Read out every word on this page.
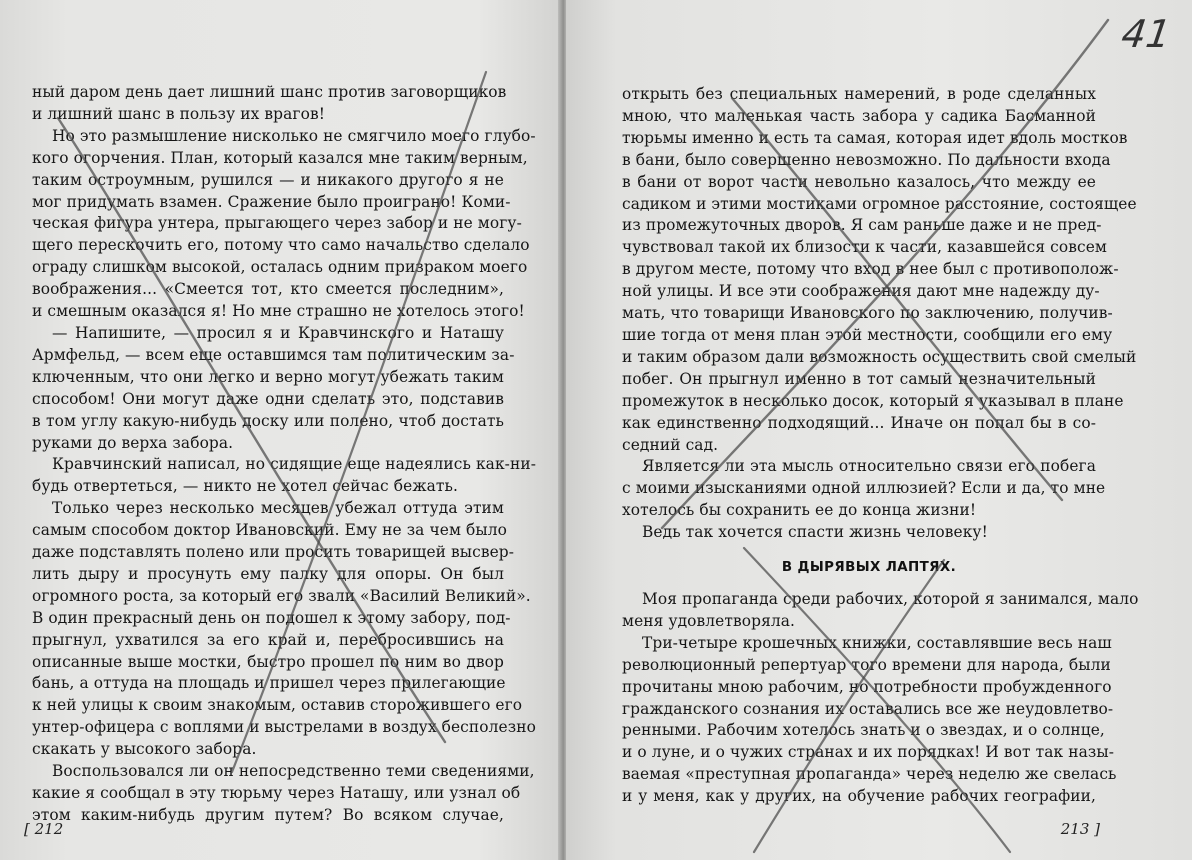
ный даром день дает лишний шанс против заговорщиков
и лишний шанс в пользу их врагов!
Но это размышление нисколько не смягчило моего глубо-
кого огорчения. План, который казался мне таким верным,
таким остроумным, рушился — и никакого другого я не
мог придумать взамен. Сражение было проиграно! Коми-
ческая фигура унтера, прыгающего через забор и не могу-
щего перескочить его, потому что само начальство сделало
ограду слишком высокой, осталась одним призраком моего
воображения... «Смеется тот, кто смеется последним»,
и смешным оказался я! Но мне страшно не хотелось этого!
— Напишите, — просил я и Кравчинского и Наташу
Армфельд, — всем еще оставшимся там политическим за-
ключенным, что они легко и верно могут убежать таким
способом! Они могут даже одни сделать это, подставив
в том углу какую-нибудь доску или полено, чтоб достать
руками до верха забора.
Кравчинский написал, но сидящие еще надеялись как-ни-
будь отвертеться, — никто не хотел сейчас бежать.
Только через несколько месяцев убежал оттуда этим
самым способом доктор Ивановский. Ему не за чем было
даже подставлять полено или просить товарищей высвер-
лить дыру и просунуть ему палку для опоры. Он был
огромного роста, за который его звали «Василий Великий».
В один прекрасный день он подошел к этому забору, под-
прыгнул, ухватился за его край и, перебросившись на
описанные выше мостки, быстро прошел по ним во двор
бань, а оттуда на площадь и пришел через прилегающие
к ней улицы к своим знакомым, оставив сторожившего его
унтер-офицера с воплями и выстрелами в воздух бесполезно
скакать у высокого забора.
Воспользовался ли он непосредственно теми сведениями,
какие я сообщал в эту тюрьму через Наташу, или узнал об
этом каким-нибудь другим путем? Во всяком случае,
[ 212
открыть без специальных намерений, в роде сделанных
мною, что маленькая часть забора у садика Басманной
тюрьмы именно и есть та самая, которая идет вдоль мостков
в бани, было совершенно невозможно. По дальности входа
в бани от ворот части невольно казалось, что между ее
садиком и этими мостиками огромное расстояние, состоящее
из промежуточных дворов. Я сам раньше даже и не пред-
чувствовал такой их близости к части, казавшейся совсем
в другом месте, потому что вход в нее был с противополож-
ной улицы. И все эти соображения дают мне надежду ду-
мать, что товарищи Ивановского по заключению, получив-
шие тогда от меня план этой местности, сообщили его ему
и таким образом дали возможность осуществить свой смелый
побег. Он прыгнул именно в тот самый незначительный
промежуток в несколько досок, который я указывал в плане
как единственно подходящий... Иначе он попал бы в со-
седний сад.
Является ли эта мысль относительно связи его побега
с моими изысканиями одной иллюзией? Если и да, то мне
хотелось бы сохранить ее до конца жизни!
Ведь так хочется спасти жизнь человеку!
В ДЫРЯВЫХ ЛАПТЯХ.
Моя пропаганда среди рабочих, которой я занимался, мало
меня удовлетворяла.
Три-четыре крошечных книжки, составлявшие весь наш
революционный репертуар того времени для народа, были
прочитаны мною рабочим, но потребности пробужденного
гражданского сознания их оставались все же неудовлетво-
ренными. Рабочим хотелось знать и о звездах, и о солнце,
и о луне, и о чужих странах и их порядках! И вот так назы-
ваемая «преступная пропаганда» через неделю же свелась
и у меня, как у других, на обучение рабочих географии,
213 ]
41
